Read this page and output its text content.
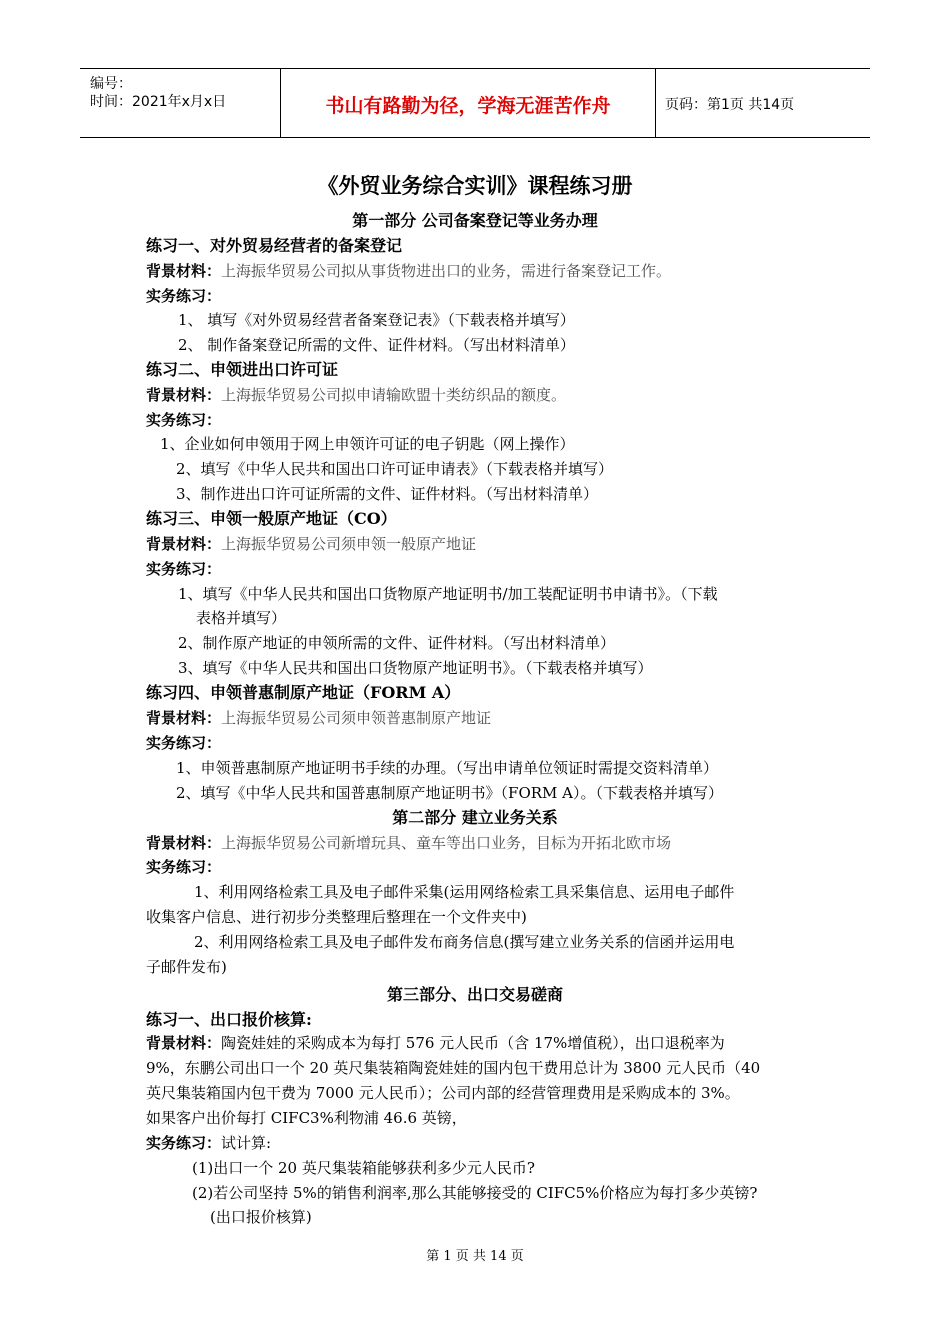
编号：
时间：2021年x月x日	书山有路勤为径，学海无涯苦作舟	页码：第1页 共14页
《外贸业务综合实训》课程练习册
第一部分 公司备案登记等业务办理
练习一、对外贸易经营者的备案登记
背景材料：上海振华贸易公司拟从事货物进出口的业务，需进行备案登记工作。
实务练习：
1、 填写《对外贸易经营者备案登记表》（下载表格并填写）
2、 制作备案登记所需的文件、证件材料。（写出材料清单）
练习二、申领进出口许可证
背景材料：上海振华贸易公司拟申请输欧盟十类纺织品的额度。
实务练习：
1、企业如何申领用于网上申领许可证的电子钥匙（网上操作）
2、填写《中华人民共和国出口许可证申请表》（下载表格并填写）
3、制作进出口许可证所需的文件、证件材料。（写出材料清单）
练习三、申领一般原产地证（CO）
背景材料：上海振华贸易公司须申领一般原产地证
实务练习：
1、填写《中华人民共和国出口货物原产地证明书/加工装配证明书申请书》。（下载
表格并填写）
2、制作原产地证的申领所需的文件、证件材料。（写出材料清单）
3、填写《中华人民共和国出口货物原产地证明书》。（下载表格并填写）
练习四、申领普惠制原产地证（FORM A）
背景材料：上海振华贸易公司须申领普惠制原产地证
实务练习：
1、申领普惠制原产地证明书手续的办理。（写出申请单位领证时需提交资料清单）
2、填写《中华人民共和国普惠制原产地证明书》（FORM A）。（下载表格并填写）
第二部分 建立业务关系
背景材料：上海振华贸易公司新增玩具、童车等出口业务，目标为开拓北欧市场
实务练习：
1、利用网络检索工具及电子邮件采集(运用网络检索工具采集信息、运用电子邮件
收集客户信息、进行初步分类整理后整理在一个文件夹中)
2、利用网络检索工具及电子邮件发布商务信息(撰写建立业务关系的信函并运用电
子邮件发布)
第三部分、出口交易磋商
练习一、出口报价核算:
背景材料：陶瓷娃娃的采购成本为每打 576 元人民币（含 17%增值税），出口退税率为
9%，东鹏公司出口一个 20 英尺集装箱陶瓷娃娃的国内包干费用总计为 3800 元人民币（40
英尺集装箱国内包干费为 7000 元人民币）；公司内部的经营管理费用是采购成本的 3%。
如果客户出价每打 CIFC3%利物浦 46.6 英镑，
实务练习：试计算:
(1)出口一个 20 英尺集装箱能够获利多少元人民币?
(2)若公司坚持 5%的销售利润率,那么其能够接受的 CIFC5%价格应为每打多少英镑?
(出口报价核算)
第 1 页 共 14 页
